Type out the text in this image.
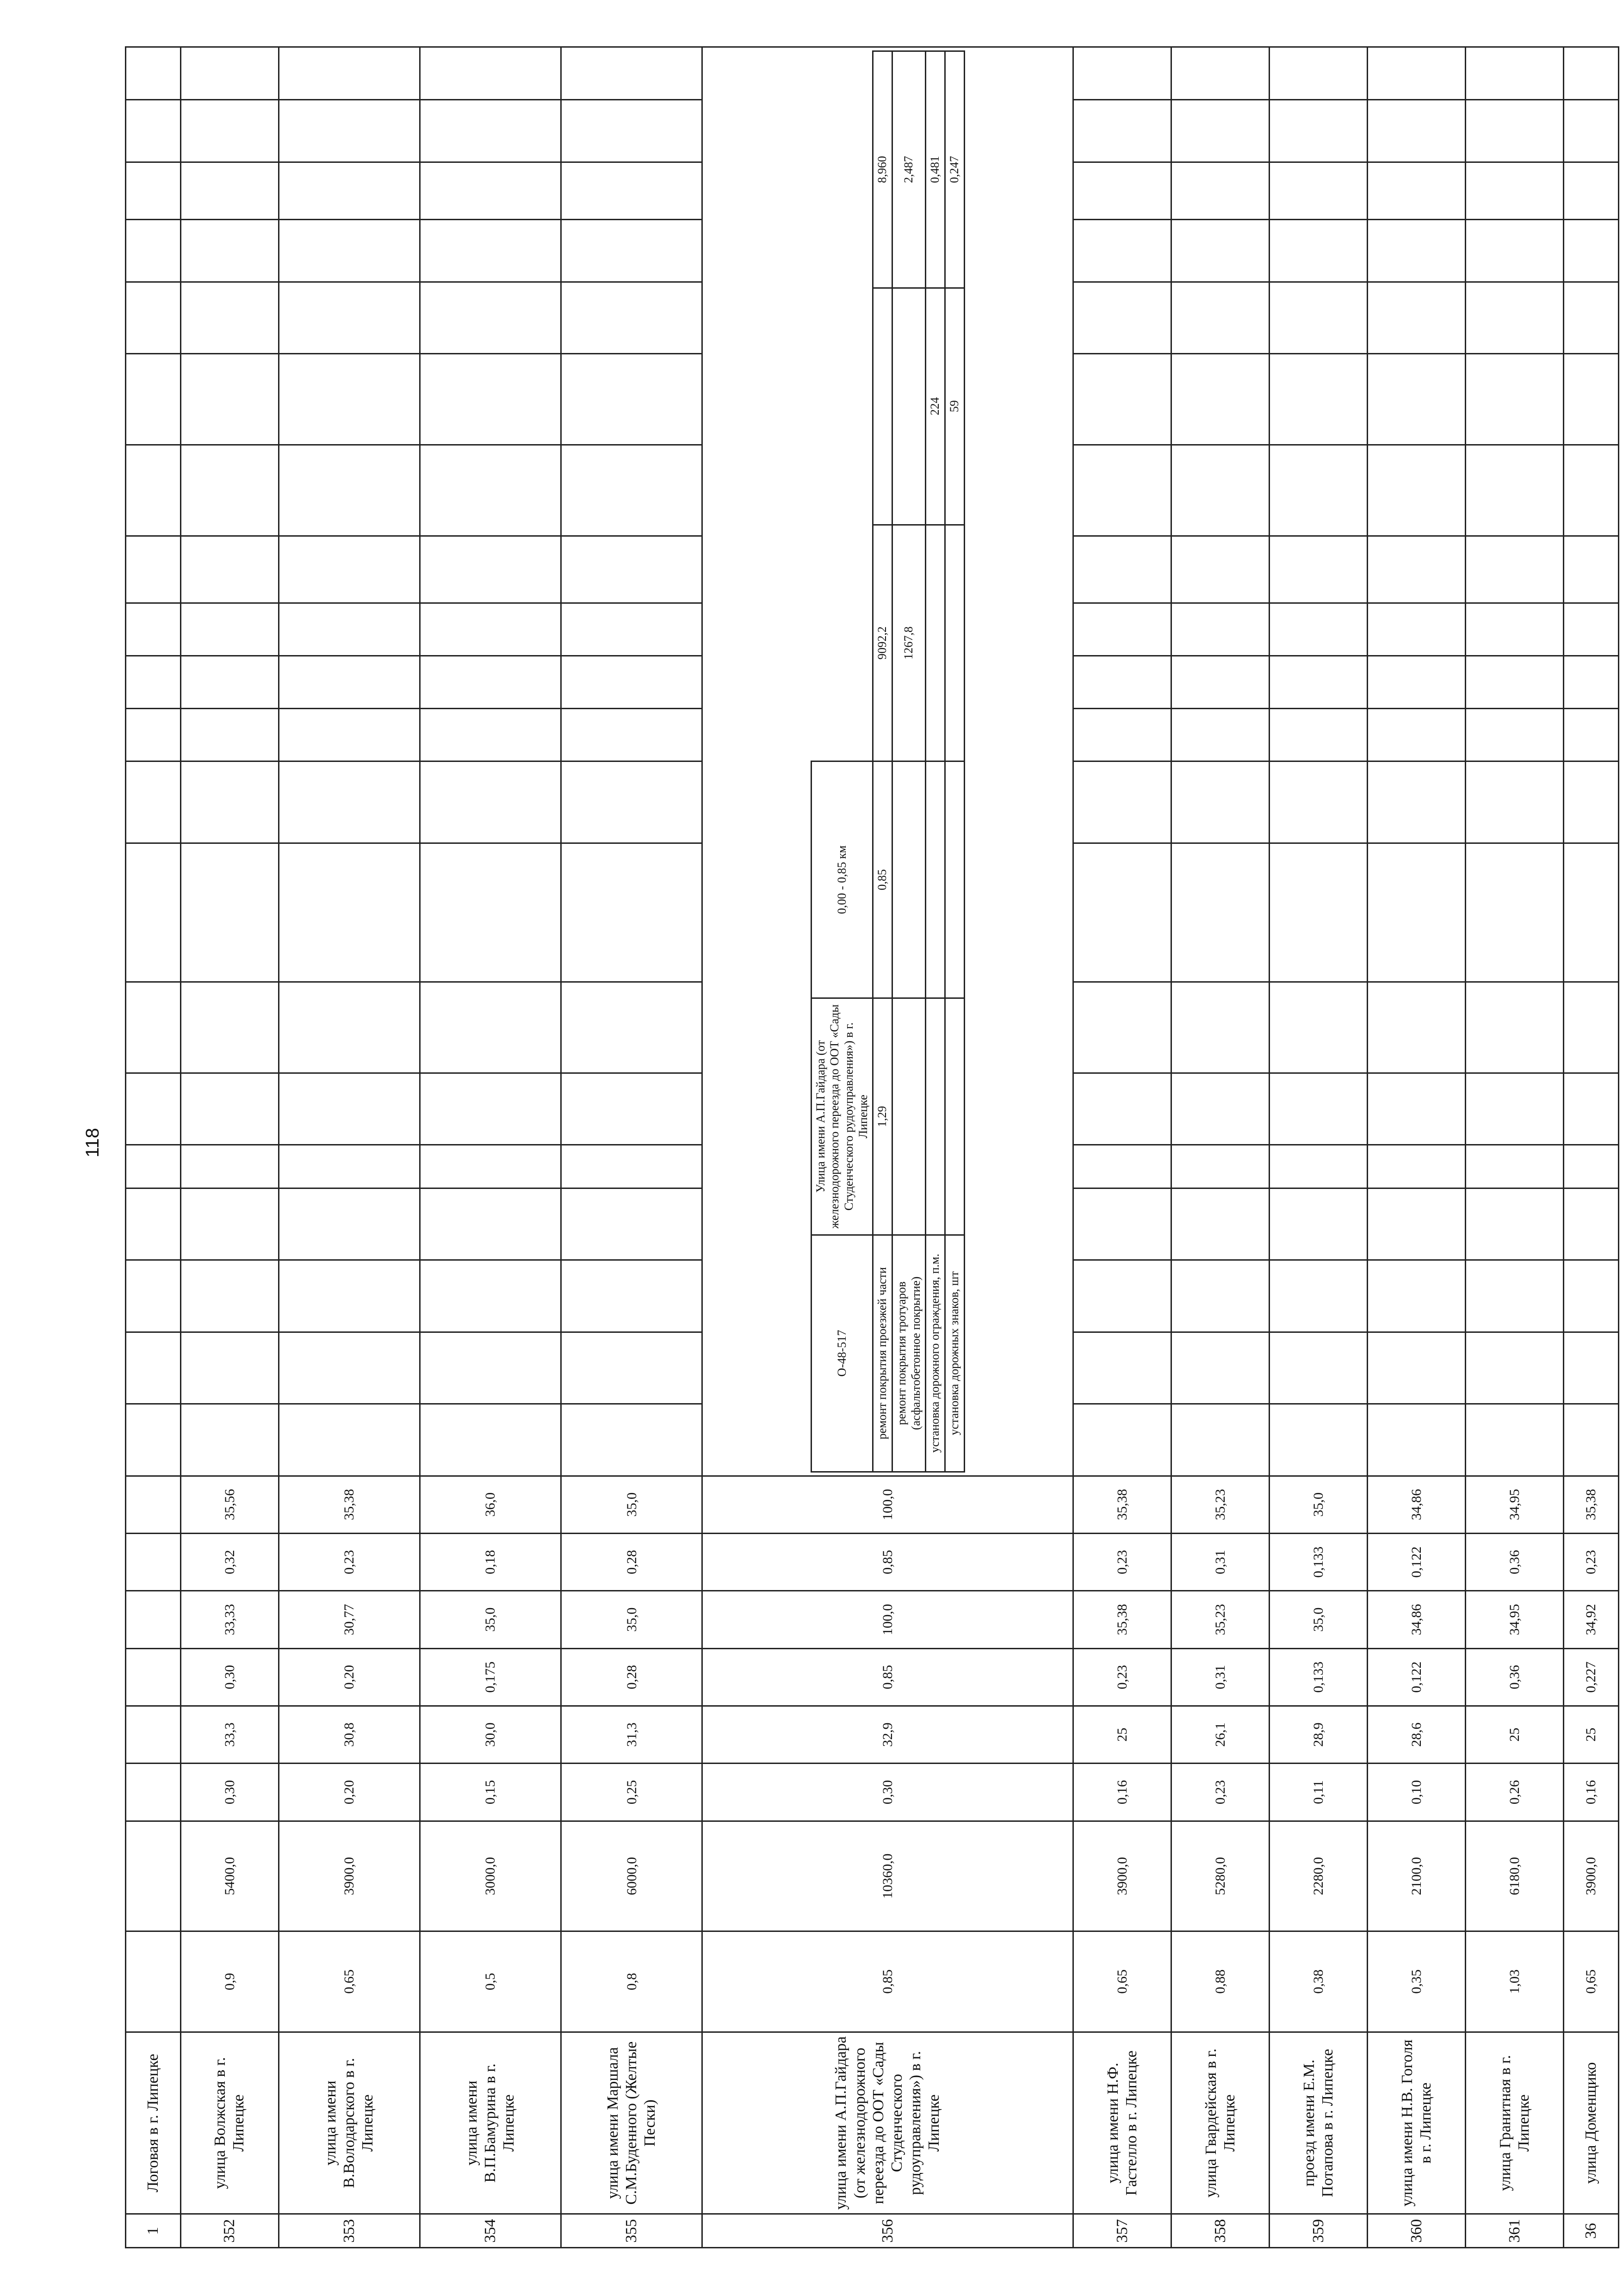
118
1	Логовая в г. Липецке																												
352	улица Волжская в г. Липецке	0,9	5400,0	0,30	33,3	0,30	33,33	0,32	35,56																				
353	улица имени В.Володарского в г. Липецке	0,65	3900,0	0,20	30,8	0,20	30,77	0,23	35,38																				
354	улица имени В.П.Бамурина в г. Липецке	0,5	3000,0	0,15	30,0	0,175	35,0	0,18	36,0																				
355	улица имени Маршала С.М.Буденного (Желтые Пески)	0,8	6000,0	0,25	31,3	0,28	35,0	0,28	35,0																				
356	улица имени А.П.Гайдара (от железнодорожного переезда до ООТ «Сады Студенческого рудоуправления») в г. Липецке	0,85	10360,0	0,30	32,9	0,85	100,0	0,85	100,0	
О-48-517	Улица имени А.П.Гайдара (от железнодорожного переезда до ООТ «Сады Студенческого рудоуправления») в г. Липецке	0,00 - 0,85 км
ремонт покрытия проезжей части	1,29	0,85	9092,2		8,960
ремонт покрытия тротуаров (асфальтобетонное покрытие)			1267,8		2,487
установка дорожного ограждения, п.м.				224	0,481
установка дорожных знаков, шт				59	0,247

357	улица имени Н.Ф. Гастелло в г. Липецке	0,65	3900,0	0,16	25	0,23	35,38	0,23	35,38																				
358	улица Гвардейская в г. Липецке	0,88	5280,0	0,23	26,1	0,31	35,23	0,31	35,23																				
359	проезд имени Е.М. Потапова в г. Липецке	0,38	2280,0	0,11	28,9	0,133	35,0	0,133	35,0																				
360	улица имени Н.В. Гоголя в г. Липецке	0,35	2100,0	0,10	28,6	0,122	34,86	0,122	34,86																				
361	улица Гранитная в г. Липецке	1,03	6180,0	0,26	25	0,36	34,95	0,36	34,95																				
36	улица Доменщико	0,65	3900,0	0,16	25	0,227	34,92	0,23	35,38																				
